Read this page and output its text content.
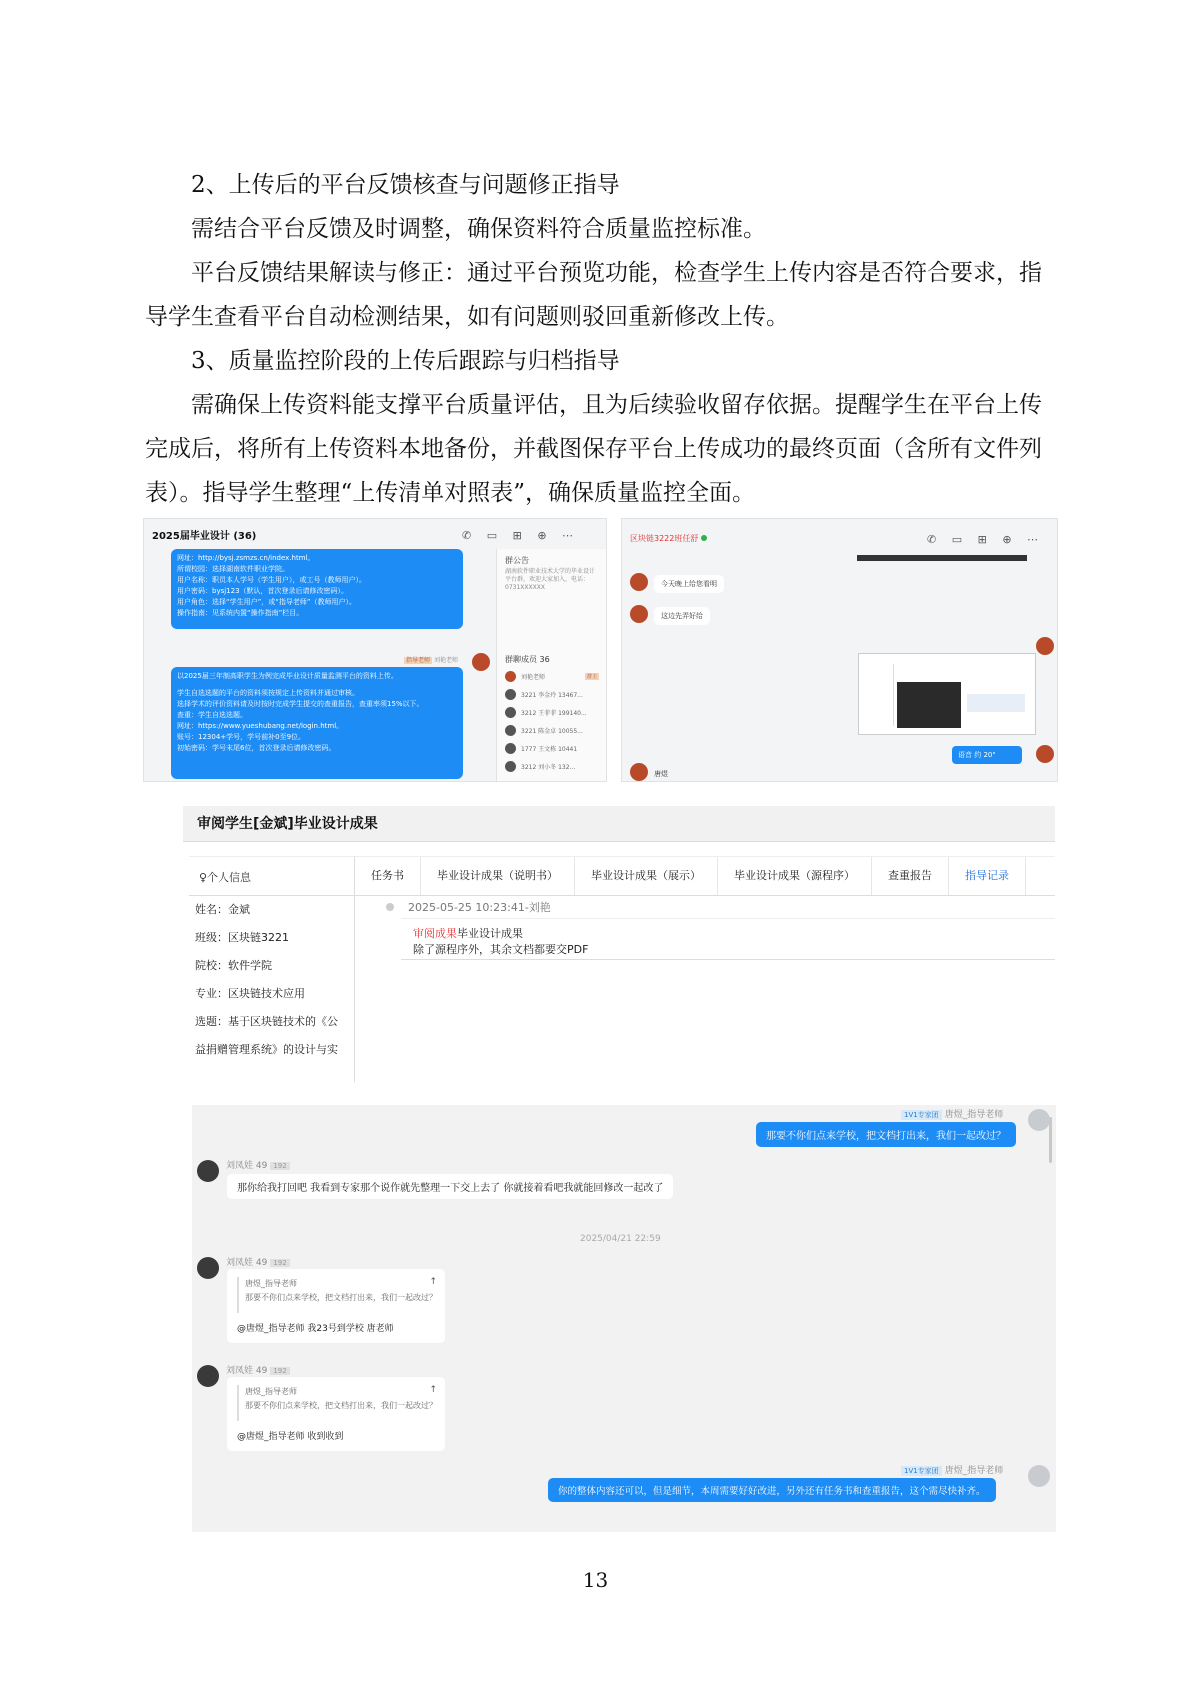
2、上传后的平台反馈核查与问题修正指导

需结合平台反馈及时调整，确保资料符合质量监控标准。

平台反馈结果解读与修正：通过平台预览功能，检查学生上传内容是否符合要求，指导学生查看平台自动检测结果，如有问题则驳回重新修改上传。

3、质量监控阶段的上传后跟踪与归档指导

需确保上传资料能支撑平台质量评估，且为后续验收留存依据。提醒学生在平台上传完成后，将所有上传资料本地备份，并截图保存平台上传成功的最终页面（含所有文件列表）。指导学生整理“上传清单对照表”，确保质量监控全面。

2025届毕业设计 (36)	✆ ▭ ⊞ ⊕ ⋯
网址：http://bysj.zsmzs.cn/index.html。
所谓校园：选择湖南软件职业学院。
用户名称：职员本人学号（学生用户），或工号（教师用户）。
用户密码：bysj123（默认，首次登录后请修改密码）。
用户角色：选择“学生用户”，或“指导老师”（教师用户）。
操作指南：见系统内置“操作指南”栏目。
指导老师 刘艳老师
以2025届三年制高职学生为例完成毕业设计质量监测平台的资料上传。
学生自选选题的平台的资料须按规定上传资料并通过审核。
选择学术的评价资料请及时按时完成学生提交的查重报告，查重率须15%以下。
查重：学生自选选题。
网址：https://www.yueshubang.net/login.html。
账号：12304+学号，学号前补0至9位。
初始密码：学号末尾6位，首次登录后请修改密码。
群公告
湖南软件职业技术大学的毕业设计平台群，欢迎大家加入，电话：0731XXXXXX
群聊成员 36
刘艳老师	群主
3221 李金玲 13467...
3212 王菲菲 199140...
3221 陈金卓 10055...
1777 王文栋 10441
3212 刘小冬 132...
区块链3222班任舒	✆ ▭ ⊞ ⊕ ⋯
今天晚上给您看明
这边先弄好给
语音 约 20"
唐煜
审阅学生[金斌]毕业设计成果
♀个人信息
姓名：金斌
班级：区块链3221
院校：软件学院
专业：区块链技术应用
选题：基于区块链技术的《公
益捐赠管理系统》的设计与实
任务书	毕业设计成果（说明书）	毕业设计成果（展示）	毕业设计成果（源程序）	查重报告	指导记录
2025-05-25 10:23:41-刘艳
审阅成果毕业设计成果
除了源程序外，其余文档都要交PDF
1V1专家团 唐煜_指导老师
那要不你们点来学校，把文档打出来，我们一起改过？
刘凤娃 49 192
那你给我打回吧 我看到专家那个说作就先整理一下交上去了 你就接着看吧我就能回修改一起改了
2025/04/21 22:59
刘凤娃 49 192
唐煜_指导老师
那要不你们点来学校，把文档打出来，我们一起改过？
↑
@唐煜_指导老师 我23号到学校 唐老师
刘凤娃 49 192
唐煜_指导老师
那要不你们点来学校，把文档打出来，我们一起改过？
↑
@唐煜_指导老师 收到收到
1V1专家团 唐煜_指导老师
你的整体内容还可以，但是细节，本周需要好好改进，另外还有任务书和查重报告，这个需尽快补齐。
13
